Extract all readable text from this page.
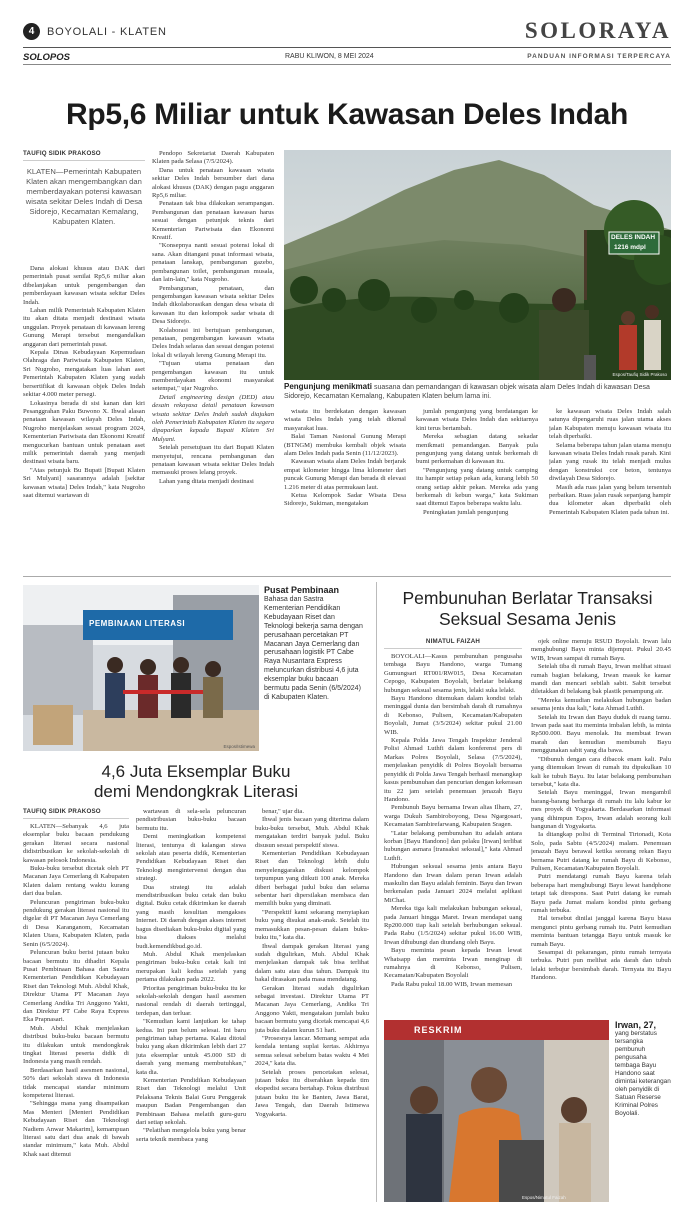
4	BOYOLALI - KLATEN	SOLORAYA
SOLOPOS	RABU KLIWON, 8 MEI 2024	PANDUAN INFORMASI TERPERCAYA
Rp5,6 Miliar untuk Kawasan Deles Indah
TAUFIQ SIDIK PRAKOSO
KLATEN—Pemerintah Kabupaten Klaten akan mengembangkan dan memberdayakan potensi kawasan wisata sekitar Deles Indah di Desa Sidorejo, Kecamatan Kemalang, Kabupaten Klaten.

Dana alokasi khusus atau DAK dari pemerintah pusat senilai Rp5,6 miliar akan dibelanjakan untuk pengembangan dan pemberdayaan kawasan wisata sekitar Deles Indah.

Lahan milik Pemerintah Kabupaten Klaten itu akan ditata menjadi destinasi wisata unggulan. Proyek penataan di kawasan lereng Gunung Merapi tersebut mengandalkan anggaran dari pemerintah pusat.

Kepala Dinas Kebudayaan Kepemudaan Olahraga dan Pariwisata Kabupaten Klaten, Sri Nugroho, mengatakan luas lahan aset Pemerintah Kabupaten Klaten yang sudah bersertifikat di kawasan objek Deles Indah sekitar 4.000 meter persegi.

Lokasinya berada di sisi kanan dan kiri Pesanggrahan Paku Buwono X. Ihwal alasan penataan kawasan wilayah Deles Indah, Nugroho menjelaskan sesuai program 2024, Kementerian Pariwisata dan Ekonomi Kreatif mengucurkan bantuan untuk penataan aset milik pemerintah daerah yang menjadi destinasi wisata baru.

"Atas petunjuk Bu Bupati [Bupati Klaten Sri Mulyani] sasarannya adalah [sekitar kawasan wisata] Deles Indah," kata Nugroho saat ditemui wartawan di

Pendopo Sekretariat Daerah Kabupaten Klaten pada Selasa (7/5/2024).

Dana untuk penataan kawasan wisata sekitar Deles Indah bersumber dari dana alokasi khusus (DAK) dengan pagu anggaran Rp5,6 miliar.

Penataan tak bisa dilakukan serampangan. Pembangunan dan penataan kawasan harus sesuai dengan petunjuk teknis dari Kementerian Pariwisata dan Ekonomi Kreatif.

"Konsepnya nanti sesuai potensi lokal di sana. Akan ditangani pusat informasi wisata, penataan lanskap, pembangunan gazebo, pembangunan toilet, pembangunan musala, dan lain-lain," kata Nugroho.

Pembangunan, penataan, dan pengembangan kawasan wisata sekitar Deles Indah dikolaborasikan dengan desa wisata di kawasan itu dan kelompok sadar wisata di Desa Sidorejo.

Kolaborasi ini bertujuan pembangunan, penataan, pengembangan kawasan wisata Deles Indah selaras dan sesuai dengan potensi lokal di wilayah lereng Gunung Merapi itu.

"Tujuan utama penataan dan pengembangan kawasan itu untuk memberdayakan ekonomi masyarakat setempat," ujar Nugroho.

Detail engineering design (DED) atau desain rekayasa detail penataan kawasan wisata sekitar Deles Indah sudah diajukan oleh Pemerintah Kabupaten Klaten itu segera dipaparkan kepada Bupati Klaten Sri Mulyani.

Setelah persetujuan itu dari Bupati Klaten menyetujui, rencana pembangunan dan penataan kawasan wisata sekitar Deles Indah memasuki proses lelang proyek.

Lahan yang ditata menjadi destinasi

DELES INDAH
1216 mdpl
Espos/Taufiq Sidik Prakoso
Pengunjung menikmati suasana dan pemandangan di kawasan objek wisata alam Deles Indah di kawasan Desa Sidorejo, Kecamatan Kemalang, Kabupaten Klaten belum lama ini.

wisata itu berdekatan dengan kawasan wisata Deles Indah yang telah dikenal masyarakat luas.

Balai Taman Nasional Gunung Merapi (BTNGM) membuka kembali objek wisata alam Deles Indah pada Senin (11/12/2023).

Kawasan wisata alam Deles Indah berjarak empat kilometer hingga lima kilometer dari puncak Gunung Merapi dan berada di elevasi 1.216 meter di atas permukaan laut.

Ketua Kelompok Sadar Wisata Desa Sidorejo, Sukiman, mengatakan

jumlah pengunjung yang berdatangan ke kawasan wisata Deles Indah dan sekitarnya kini terus bertambah.

Mereka sebagian datang sekadar menikmati pemandangan. Banyak pula pengunjung yang datang untuk berkemah di bumi perkemahan di kawasan itu.

"Pengunjung yang datang untuk camping itu hampir setiap pekan ada, kurang lebih 50 orang setiap akhir pekan. Mereka ada yang berkemah di kebun warga," kata Sukiman saat ditemui Espos beberapa waktu lalu.

Peningkatan jumlah pengunjung

ke kawasan wisata Deles Indah salah satunya dipengaruhi ruas jalan utama akses jalan Kabupaten menuju kawasan wisata itu telah diperbaiki.

Selama beberapa tahun jalan utama menuju kawasan wisata Deles Indah rusak parah. Kini jalan yang rusak itu telah menjadi mulus dengan konstruksi cor beton, tentunya diwilayah Desa Sidorejo.

Masih ada ruas jalan yang belum tersentuh perbaikan. Ruas jalan rusak sepanjang hampir dua kilometer akan diperbaiki oleh Pemerintah Kabupaten Klaten pada tahun ini.

PEMBINAAN LITERASI
Espos/Istimewa
Pusat Pembinaan
Bahasa dan Sastra Kementerian Pendidikan Kebudayaan Riset dan Teknologi bekerja sama dengan perusahaan percetakan PT Macanan Jaya Cemerlang dan perusahaan logistik PT Cabe Raya Nusantara Express meluncurkan distribusi 4,6 juta eksemplar buku bacaan bermutu pada Senin (6/5/2024) di Kabupaten Klaten.
4,6 Juta Eksemplar Buku
demi Mendongkrak Literasi
TAUFIQ SIDIK PRAKOSO

KLATEN—Sebanyak 4,6 juta eksemplar buku bacaan pendukung gerakan literasi secara nasional didistribusikan ke sekolah-sekolah di kawasan pelosok Indonesia.

Buku-buku tersebut dicetak oleh PT Macanan Jaya Cemerlang di Kabupaten Klaten dalam rentang waktu kurang dari dua bulan.

Peluncuran pengiriman buku-buku pendukung gerakan literasi nasional itu digelar di PT Macanan Jaya Cemerlang di Desa Karanganom, Kecamatan Klaten Utara, Kabupaten Klaten, pada Senin (6/5/2024).

Peluncuran buku berisi jutaan buku bacaan bermutu itu dihadiri Kepala Pusat Pembinaan Bahasa dan Sastra Kementerian Pendidikan Kebudayaan Riset dan Teknologi Muh. Abdul Khak, Direktur Utama PT Macanan Jaya Cemerlang Andika Tri Anggono Yakti, dan Direktur PT Cabe Raya Express Eka Prapnasari.

Muh. Abdul Khak menjelaskan distribusi buku-buku bacaan bermutu itu dilakukan untuk mendongkrak tingkat literasi peserta didik di Indonesia yang masih rendah.

Berdasarkan hasil asesmen nasional, 50% dari sekolah siswa di Indonesia tidak mencapai standar minimum kompetensi literasi.

"Sehingga mana yang disampaikan Mas Menteri [Menteri Pendidikan Kebudayaan Riset dan Teknologi Nadiem Anwar Makarim], kemampuan literasi satu dari dua anak di bawah standar minimum," kata Muh. Abdul Khak saat ditemui

wartawan di sela-sela peluncuran pendistribusian buku-buku bacaan bermutu itu.

Demi meningkatkan kompetensi literasi, tentunya di kalangan siswa sekolah atau peserta didik, Kementerian Pendidikan Kebudayaan Riset dan Teknologi mengintervensi dengan dua strategi.

Dua strategi itu adalah mendistribusikan buku cetak dan buku digital. Buku cetak dikirimkan ke daerah yang masih kesulitan mengakses Internet. Di daerah dengan akses internet bagus disediakan buku-buku digital yang bisa diakses melalui budi.kemendikbud.go.id.

Muh. Abdul Khak menjelaskan pengiriman buku-buku cetak kali ini merupakan kali kedua setelah yang pertama dilakukan pada 2022.

Prioritas pengiriman buku-buku itu ke sekolah-sekolah dengan hasil asesmen nasional rendah di daerah tertinggal, terdepan, dan terluar.

"Kemudian kami lanjutkan ke tahap kedua. Ini pun belum selesai. Ini baru pengiriman tahap pertama. Kalau ditotal buku yang akan dikirimkan lebih dari 27 juta eksemplar untuk 45.000 SD di daerah yang memang membutuhkan," kata dia.

Kementerian Pendidikan Kebudayaan Riset dan Teknologi melalui Unit Pelaksana Teknis Balai Guru Penggerak maupun Badan Pengembangan dan Pembinaan Bahasa melatih guru-guru dari setiap sekolah.

"Pelatihan mengelola buku yang benar serta teknik membaca yang

benar," ujar dia.

Ihwal jenis bacaan yang diterima dalam buku-buku tersebut, Muh. Abdul Khak mengatakan terdiri banyak judul. Buku disusun sesuai perspektif siswa.

Kementerian Pendidikan Kebudayaan Riset dan Teknologi lebih dulu menyelenggarakan diskusi kelompok terpumpun yang diikuti 100 anak. Mereka diberi berbagai judul buku dan selama sebentar hari dipersilakan membaca dan memilih buku yang diminati.

"Perspektif kami sekarang menyiapkan buku yang disukai anak-anak. Setelah itu memasukkan pesan-pesan dalam buku-buku itu," kata dia.

Ihwal dampak gerakan literasi yang sudah digulirkan, Muh. Abdul Khak menjelaskan dampak tak bisa terlihat dalam satu atau dua tahun. Dampak itu bakal dirasakan pada masa mendatang.

Gerakan literasi sudah digulirkan sebagai investasi. Direktur Utama PT Macanan Jaya Cemerlang, Andika Tri Anggono Yakti, mengatakan jumlah buku bacaan bermutu yang dicetak mencapai 4,6 juta buku dalam kurun 51 hari.

"Prosesnya lancar. Memang sempat ada kendala tentang suplai kertas. Akhirnya semua selesai sebelum batas waktu 4 Mei 2024," kata dia.

Setelah proses pencetakan selesai, jutaan buku itu diserahkan kepada tim ekspedisi secara bertahap. Fokus distribusi jutaan buku itu ke Banten, Jawa Barat, Jawa Tengah, dan Daerah Istimewa Yogyakarta.

Pembunuhan Berlatar Transaksi
Seksual Sesama Jenis
NIMATUL FAIZAH

BOYOLALI—Kasus pembunuhan pengusaha tembaga Bayu Handono, warga Tumang Gumungsari RT001/RW015, Desa Kecamatan Cepogo, Kabupaten Boyolali, berlatar belakang hubungan seksual sesama jenis, lelaki suka lelaki.

Bayu Handono ditemukan dalam kondisi telah meninggal dunia dan bersimbah darah di rumahnya di Kebonso, Pulisen, Kecamatan/Kabupaten Boyolali, Jumat (3/5/2024) sekitar pukul 21.00 WIB.

Kepala Polda Jawa Tengah Inspektur Jenderal Polisi Ahmad Luthfi dalam konferensi pers di Markas Polres Boyolali, Selasa (7/5/2024), menjelaskan penyidik di Polres Boyolali bersama penyidik di Polda Jawa Tengah berhasil menangkap kasus pembunuhan dan pencurian dengan kekerasan itu 22 jam setelah penemuan jenazah Bayu Handono.

Pembunuh Bayu bernama Irwan alias Ilham, 27, warga Dukuh Sambiroboyong, Desa Ngargosari, Kecamatan Sambirefarwang, Kabupaten Sragen.

"Latar belakang pembunuhan itu adalah antara korban [Bayu Handono] dan pelaku [Irwan] terlibat hubungan asmara [transaksi seksual]," kata Ahmad Luthfi.

Hubungan seksual sesama jenis antara Bayu Handono dan Irwan dalam peran Irwan adalah maskulin dan Bayu adalah feminin. Bayu dan Irwan berkenalan pada Januari 2024 melalui aplikasi MiChat.

Mereka tiga kali melakukan hubungan seksual, pada Januari hingga Maret. Irwan mendapat uang Rp200.000 tiap kali setelah berhubungan seksual. Pada Rabu (1/5/2024) sekitar pukul 16.00 WIB, Irwan dihubungi dan diundang oleh Bayu.

Bayu meminta pesan kepada Irwan lewat Whatsapp dan meminta Irwan menginap di rumahnya di Kebonso, Pulisen, Kecamatan/Kabupaten Boyolali

Pada Rabu pukul 18.00 WIB, Irwan memesan

ojek online menuju RSUD Boyolali. Irwan lalu menghubungi Bayu minta dijemput. Pukul 20.45 WIB, Irwan sampai di rumah Bayu.

Setelah tiba di rumah Bayu, Irwan melihat situasi rumah bagian belakang, Irwan masuk ke kamar mandi dan mencari sebilah sabit. Sabit tersebut diletakkan di belakang bak plastik penampung air.

"Mereka kemudian melakukan hubungan badan sesama jenis dua kali," kata Ahmad Luthfi.

Setelah itu Irwan dan Bayu duduk di ruang tamu. Irwan pada saat itu meminta imbalan lebih, ia minta Rp500.000. Bayu menolak. Itu membuat Irwan marah dan kemudian membunuh Bayu menggunakan sabit yang dia bawa.

"Dibunuh dengan cara dibacok enam kali. Palu yang ditemukan Irwan di rumah itu dipukulkan 10 kali ke tubuh Bayu. Itu latar belakang pembunuhan tersebut," kata dia.

Setelah Bayu meninggal, Irwan mengambil barang-barang berharga di rumah itu lalu kabur ke mes proyek di Yogyakarta. Berdasarkan informasi yang dihimpun Espos, Irwan adalah seorang kuli bangunan di Yogyakarta.

Ia ditangkap polisi di Terminal Tirtonadi, Kota Solo, pada Sabtu (4/5/2024) malam. Penemuan jenazah Bayu berawal ketika seorang rekan Bayu bernama Putri datang ke rumah Bayu di Kebonso, Pulisen, Kecamatan/Kabupaten Boyolali.

Putri mendatangi rumah Bayu karena telah beberapa hari menghubungi Bayu lewat handphone tetapi tak direspons. Saat Putri datang ke rumah Bayu pada Jumat malam kondisi pintu gerbang rumah terbuka.

Hal tersebut dinilai janggal karena Bayu biasa mengunci pintu gerbang rumah itu. Putri kemudian meminta bantuan tetangga Bayu untuk masuk ke rumah Bayu.

Sesampai di pekarangan, pintu rumah ternyata terbuka. Putri pun melihat ada darah dan tubuh lelaki terbujur bersimbah darah. Ternyata itu Bayu Handono.

RESKRIM
Espos/Nimatul Faizah
Irwan, 27,
yang berstatus tersangka pembunuh pengusaha tembaga Bayu Handono saat dimintai keterangan oleh penyidik di Satuan Reserse Kriminal Polres Boyolali.
